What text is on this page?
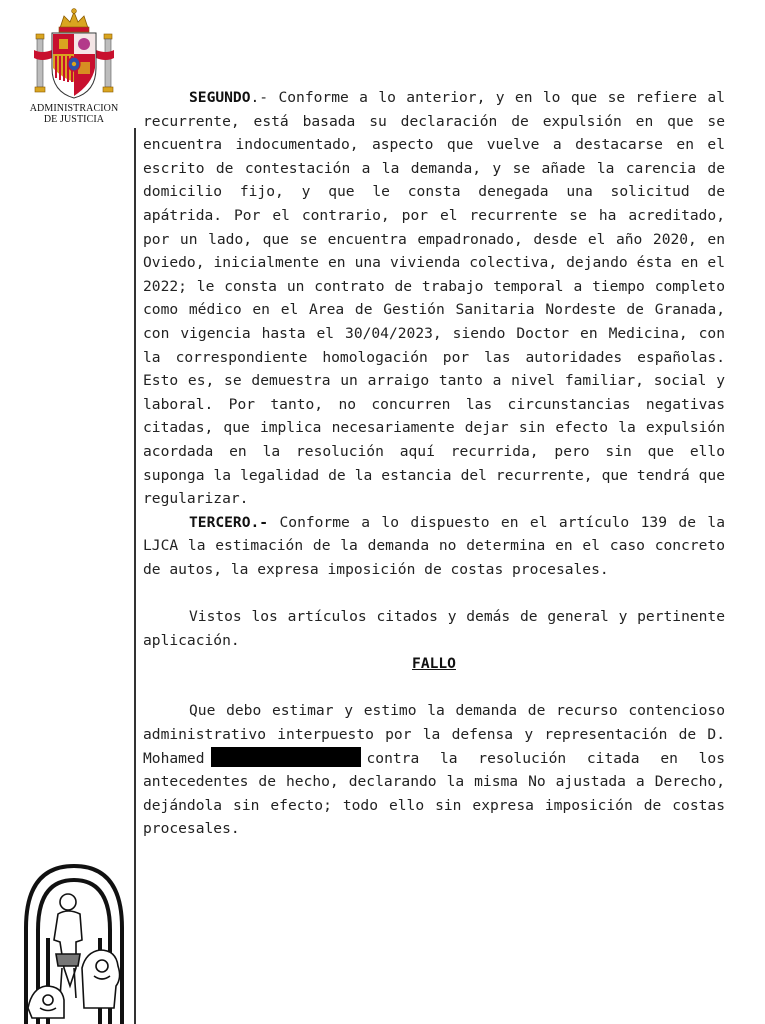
ADMINISTRACION
DE JUSTICIA

SEGUNDO.- Conforme a lo anterior, y en lo que se refiere al recurrente, está basada su declaración de expulsión en que se encuentra indocumentado, aspecto que vuelve a destacarse en el escrito de contestación a la demanda, y se añade la carencia de domicilio fijo, y que le consta denegada una solicitud de apátrida. Por el contrario, por el recurrente se ha acreditado, por un lado, que se encuentra empadronado, desde el año 2020, en Oviedo, inicialmente en una vivienda colectiva, dejando ésta en el 2022; le consta un contrato de trabajo temporal a tiempo completo como médico en el Area de Gestión Sanitaria Nordeste de Granada, con vigencia hasta el 30/04/2023, siendo Doctor en Medicina, con la correspondiente homologación por las autoridades españolas. Esto es, se demuestra un arraigo tanto a nivel familiar, social y laboral. Por tanto, no concurren las circunstancias negativas citadas, que implica necesariamente dejar sin efecto la expulsión acordada en la resolución aquí recurrida, pero sin que ello suponga la legalidad de la estancia del recurrente, que tendrá que regularizar.

TERCERO.- Conforme a lo dispuesto en el artículo 139 de la LJCA la estimación de la demanda no determina en el caso concreto de autos, la expresa imposición de costas procesales.

Vistos los artículos citados y demás de general y pertinente aplicación.

FALLO

Que debo estimar y estimo la demanda de recurso contencioso administrativo interpuesto por la defensa y representación de D. Mohamed	contra la resolución citada en los antecedentes de hecho, declarando la misma No ajustada a Derecho, dejándola sin efecto; todo ello sin expresa imposición de costas procesales.
